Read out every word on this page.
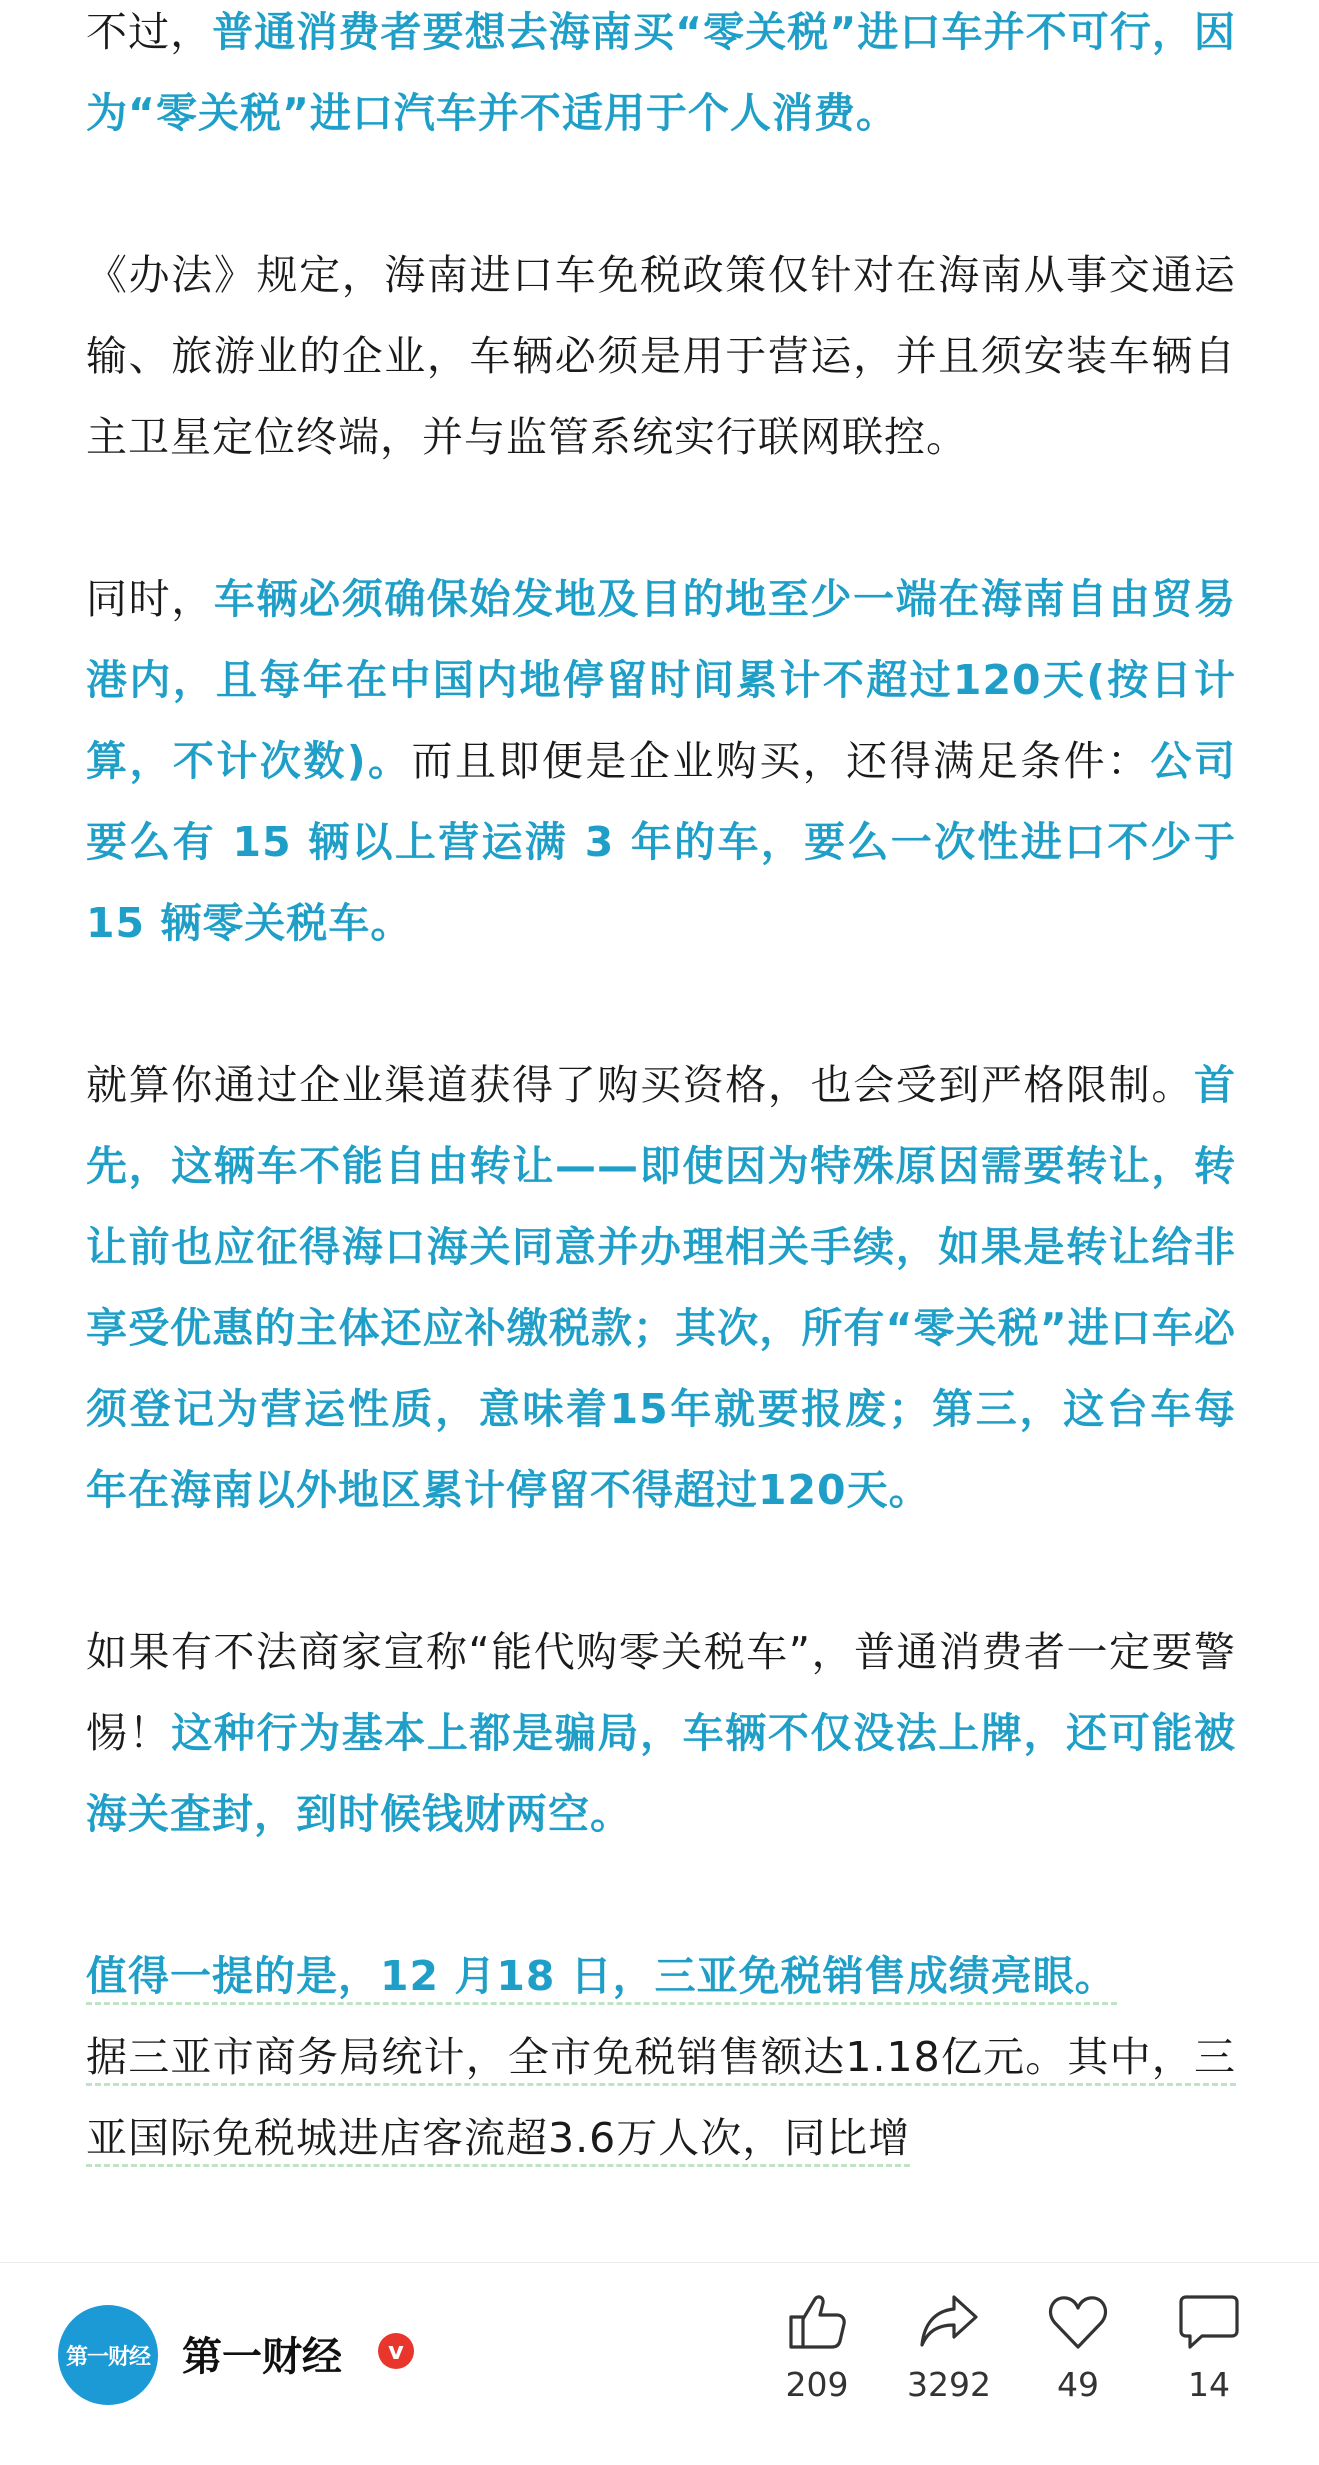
不过，普通消费者要想去海南买“零关税”进口车并不可行，因为“零关税”进口汽车并不适用于个人消费。

《办法》规定，海南进口车免税政策仅针对在海南从事交通运输、旅游业的企业，车辆必须是用于营运，并且须安装车辆自主卫星定位终端，并与监管系统实行联网联控。

同时，车辆必须确保始发地及目的地至少一端在海南自由贸易港内，且每年在中国内地停留时间累计不超过120天(按日计算，不计次数)。而且即便是企业购买，还得满足条件：公司要么有 15 辆以上营运满 3 年的车，要么一次性进口不少于 15 辆零关税车。

就算你通过企业渠道获得了购买资格，也会受到严格限制。首先，这辆车不能自由转让——即使因为特殊原因需要转让，转让前也应征得海口海关同意并办理相关手续，如果是转让给非享受优惠的主体还应补缴税款；其次，所有“零关税”进口车必须登记为营运性质，意味着15年就要报废；第三，这台车每年在海南以外地区累计停留不得超过120天。

如果有不法商家宣称“能代购零关税车”，普通消费者一定要警惕！这种行为基本上都是骗局，车辆不仅没法上牌，还可能被海关查封，到时候钱财两空。

值得一提的是，12 月18 日，三亚免税销售成绩亮眼。
据三亚市商务局统计，全市免税销售额达1.18亿元。其中，三亚国际免税城进店客流超3.6万人次，同比增

第一财经 第一财经	v
209	3292	49	14
